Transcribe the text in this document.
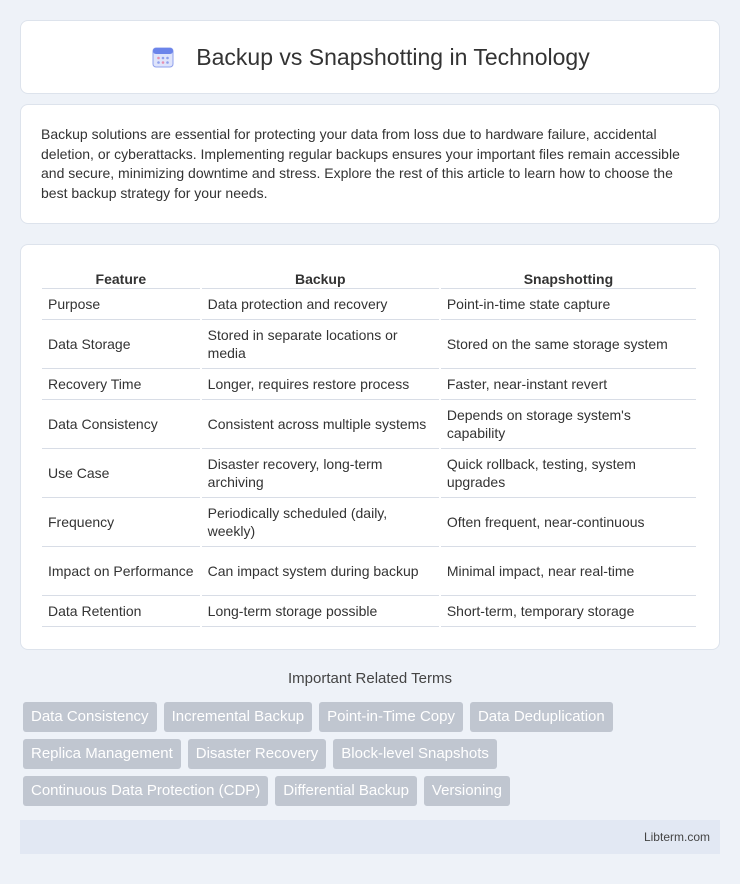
Backup vs Snapshotting in Technology

Backup solutions are essential for protecting your data from loss due to hardware failure, accidental deletion, or cyberattacks. Implementing regular backups ensures your important files remain accessible and secure, minimizing downtime and stress. Explore the rest of this article to learn how to choose the best backup strategy for your needs.

Feature	Backup	Snapshotting
Purpose	Data protection and recovery	Point-in-time state capture
Data Storage	Stored in separate locations or media	Stored on the same storage system
Recovery Time	Longer, requires restore process	Faster, near-instant revert
Data Consistency	Consistent across multiple systems	Depends on storage system's capability
Use Case	Disaster recovery, long-term archiving	Quick rollback, testing, system upgrades
Frequency	Periodically scheduled (daily, weekly)	Often frequent, near-continuous
Impact on Performance	Can impact system during backup	Minimal impact, near real-time
Data Retention	Long-term storage possible	Short-term, temporary storage
Important Related Terms
Data Consistency	Incremental Backup	Point-in-Time Copy	Data Deduplication
Replica Management	Disaster Recovery	Block-level Snapshots
Continuous Data Protection (CDP)	Differential Backup	Versioning
Libterm.com
